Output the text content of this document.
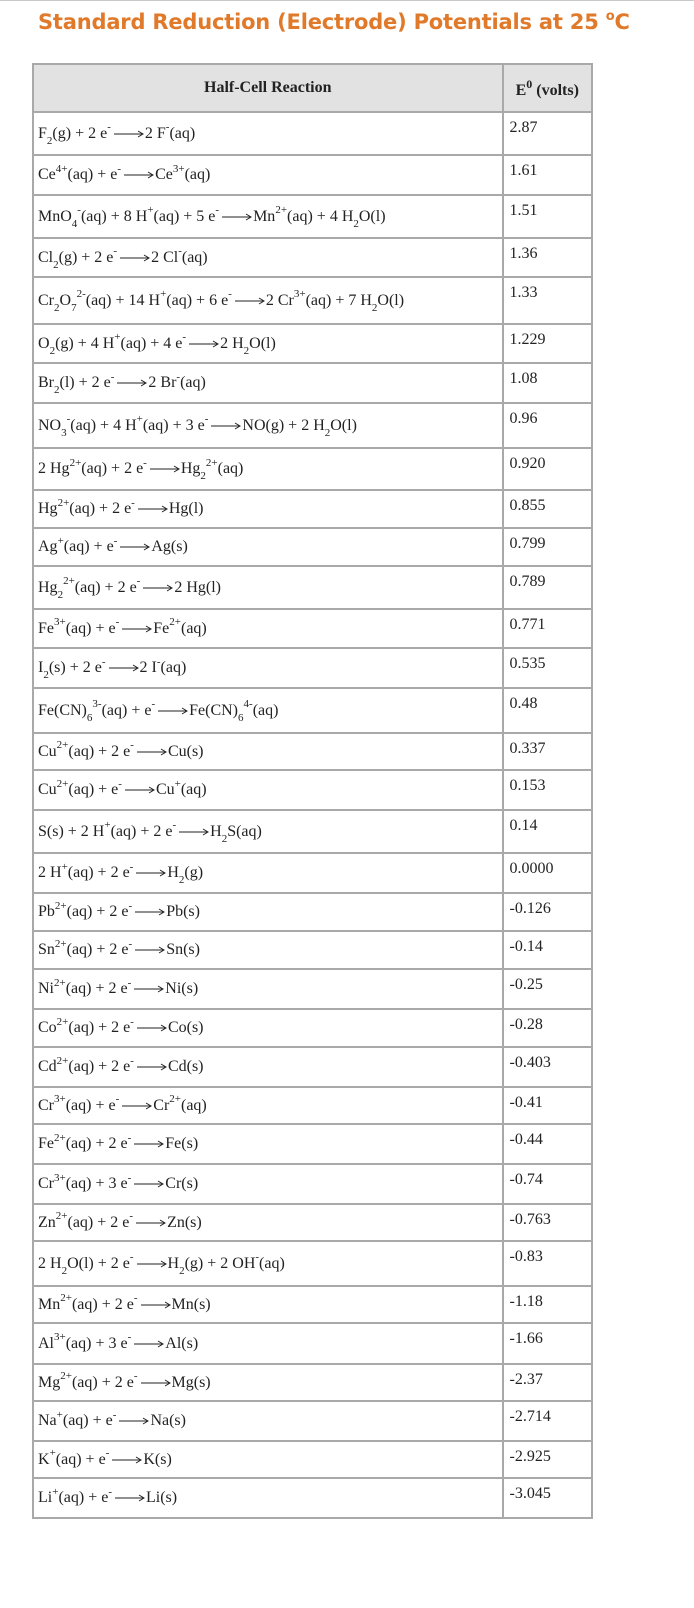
Standard Reduction (Electrode) Potentials at 25 $^o$C
Half-Cell Reaction	$E^0$ (volts)
$F_2(g) + 2$ e- →2 F-(aq)	2.87
$Ce^{4+}(aq) + e^- \to Ce^{3+}(aq)$	1.61
MnO$_4$-(aq) + 8 H+(aq) + 5 $e^- \to Mn^{2+}(aq) + 4$ $H_2O(l)$	1.51
$Cl_2(g) + 2$ e- →2 Cl-(aq)	1.36
$Cr_2O_7^{2-}(aq) + 14$ H+(aq) + 6 e- →2 $Cr^{3+}(aq) + 7$ $H_2O(l)$	1.33
$O_2(g) + 4$ H+(aq) + 4 e- →2 $H_2O(l)$	1.229
$Br_2(l) + 2$ e- →2 Br-(aq)	1.08
$NO_3^-(aq) + 4$ H+(aq) + 3 e- →NO(g) + 2 $H_2O(l)$	0.96
2 $Hg^{2+}(aq) + 2$ $e^- \to Hg_2^{2+}(aq)$	0.920
$Hg^{2+}(aq) + 2$ e- →Hg(l)	0.855
Ag+(aq) + e- →Ag(s)	0.799
$Hg_2^{2+}(aq) + 2$ e- →2 Hg(l)	0.789
$Fe^{3+}(aq) + e^- \to Fe^{2+}(aq)$	0.771
$I_2(s) + 2$ e- →2 I-(aq)	0.535
$Fe(CN)_6^{3-}(aq) + e^- \to Fe(CN)_6^{4-}(aq)$	0.48
$Cu^{2+}(aq) + 2$ e- →Cu(s)	0.337
$Cu^{2+}(aq) + e^- \to Cu^+(aq)$	0.153
S(s) + 2 H+(aq) + 2 $e^- \to H_2S(aq)$	0.14
2 H+(aq) + 2 $e^- \to H_2(g)$	0.0000
$Pb^{2+}(aq) + 2$ e- →Pb(s)	-0.126
$Sn^{2+}(aq) + 2$ e- →Sn(s)	-0.14
$Ni^{2+}(aq) + 2$ e- →Ni(s)	-0.25
$Co^{2+}(aq) + 2$ e- →Co(s)	-0.28
$Cd^{2+}(aq) + 2$ e- →Cd(s)	-0.403
$Cr^{3+}(aq) + e^- \to Cr^{2+}(aq)$	-0.41
$Fe^{2+}(aq) + 2$ e- →Fe(s)	-0.44
$Cr^{3+}(aq) + 3$ e- →Cr(s)	-0.74
$Zn^{2+}(aq) + 2$ e- →Zn(s)	-0.763
2 $H_2O(l) + 2$ $e^- \to H_2(g) + 2$ OH-(aq)	-0.83
$Mn^{2+}(aq) + 2$ e- →Mn(s)	-1.18
$Al^{3+}(aq) + 3$ e- →Al(s)	-1.66
$Mg^{2+}(aq) + 2$ e- →Mg(s)	-2.37
Na+(aq) + e- →Na(s)	-2.714
K+(aq) + e- →K(s)	-2.925
Li+(aq) + e- →Li(s)	-3.045
